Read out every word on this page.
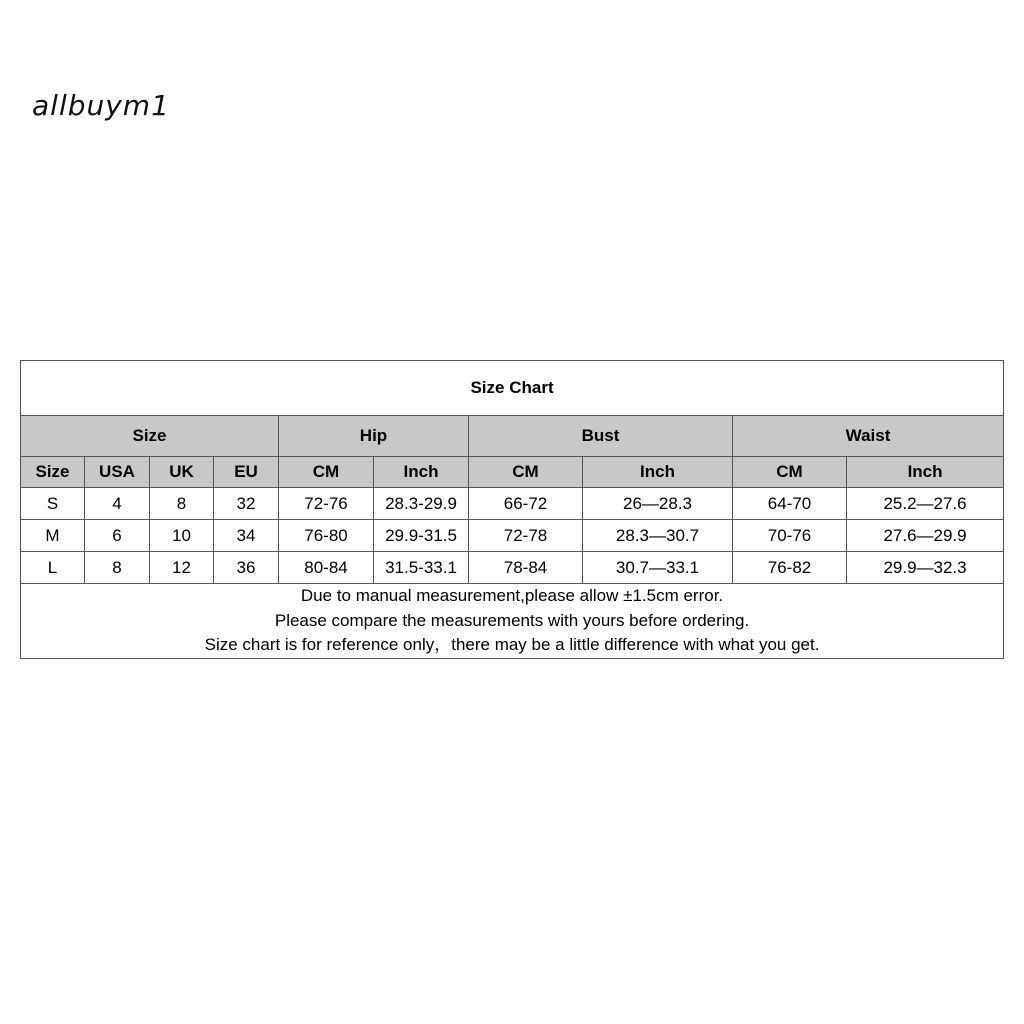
allbuym1
Size Chart									
Size				Hip		Bust		Waist	
Size	USA	UK	EU	CM	Inch	CM	Inch	CM	Inch
S	4	8	32	72-76	28.3-29.9	66-72	26—28.3	64-70	25.2—27.6
M	6	10	34	76-80	29.9-31.5	72-78	28.3—30.7	70-76	27.6—29.9
L	8	12	36	80-84	31.5-33.1	78-84	30.7—33.1	76-82	29.9—32.3

Due to manual measurement,please allow ±1.5cm error.
Please compare the measurements with yours before ordering.
Size chart is for reference only，there may be a little difference with what you get.									
